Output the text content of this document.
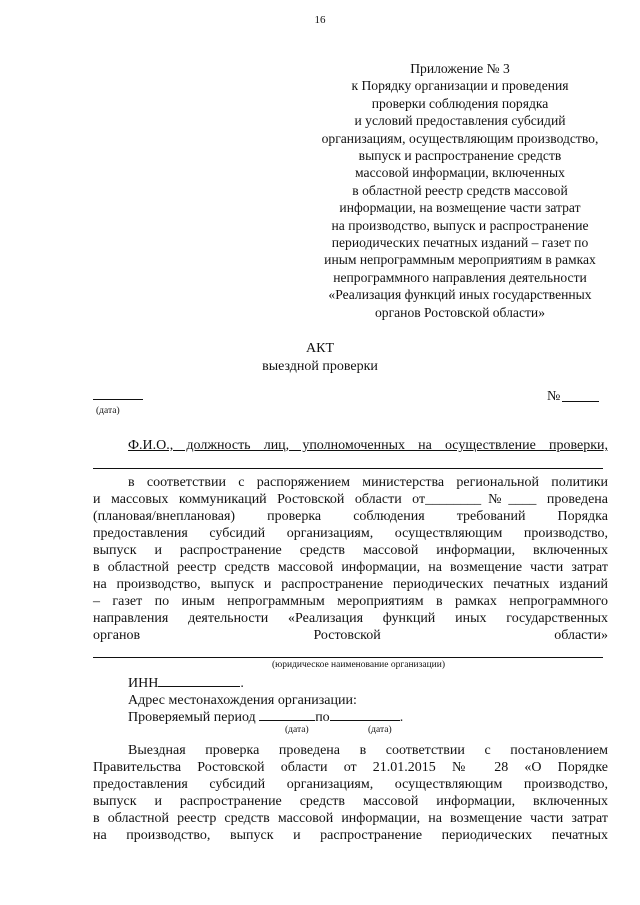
16
Приложение № 3
к Порядку организации и проведения
проверки соблюдения порядка
и условий предоставления субсидий
организациям, осуществляющим производство,
выпуск и распространение средств
массовой информации, включенных
в областной реестр средств массовой
информации, на возмещение части затрат
на производство, выпуск и распространение
периодических печатных изданий – газет по
иным непрограммным мероприятиям в рамках
непрограммного направления деятельности
«Реализация функций иных государственных
органов Ростовской области»
АКТ
выездной проверки
(дата)
№
Ф.И.О., должность лиц, уполномоченных на осуществление проверки,
в соответствии с распоряжением министерства региональной политики
и массовых коммуникаций Ростовской области от________№____ проведена
(плановая/внеплановая) проверка соблюдения требований Порядка
предоставления субсидий организациям, осуществляющим производство,
выпуск и распространение средств массовой информации, включенных
в областной реестр средств массовой информации, на возмещение части затрат
на производство, выпуск и распространение периодических печатных изданий
– газет по иным непрограммным мероприятиям в рамках непрограммного
направления деятельности «Реализация функций иных государственных
органов Ростовской области»
(юридическое наименование организации)
ИНН	.
Адрес местонахождения организации:
Проверяемый период	по	.
(дата)	(дата)
Выездная проверка проведена в соответствии с постановлением
Правительства Ростовской области от 21.01.2015 № 28 «О Порядке
предоставления субсидий организациям, осуществляющим производство,
выпуск и распространение средств массовой информации, включенных
в областной реестр средств массовой информации, на возмещение части затрат
на производство, выпуск и распространение периодических печатных
